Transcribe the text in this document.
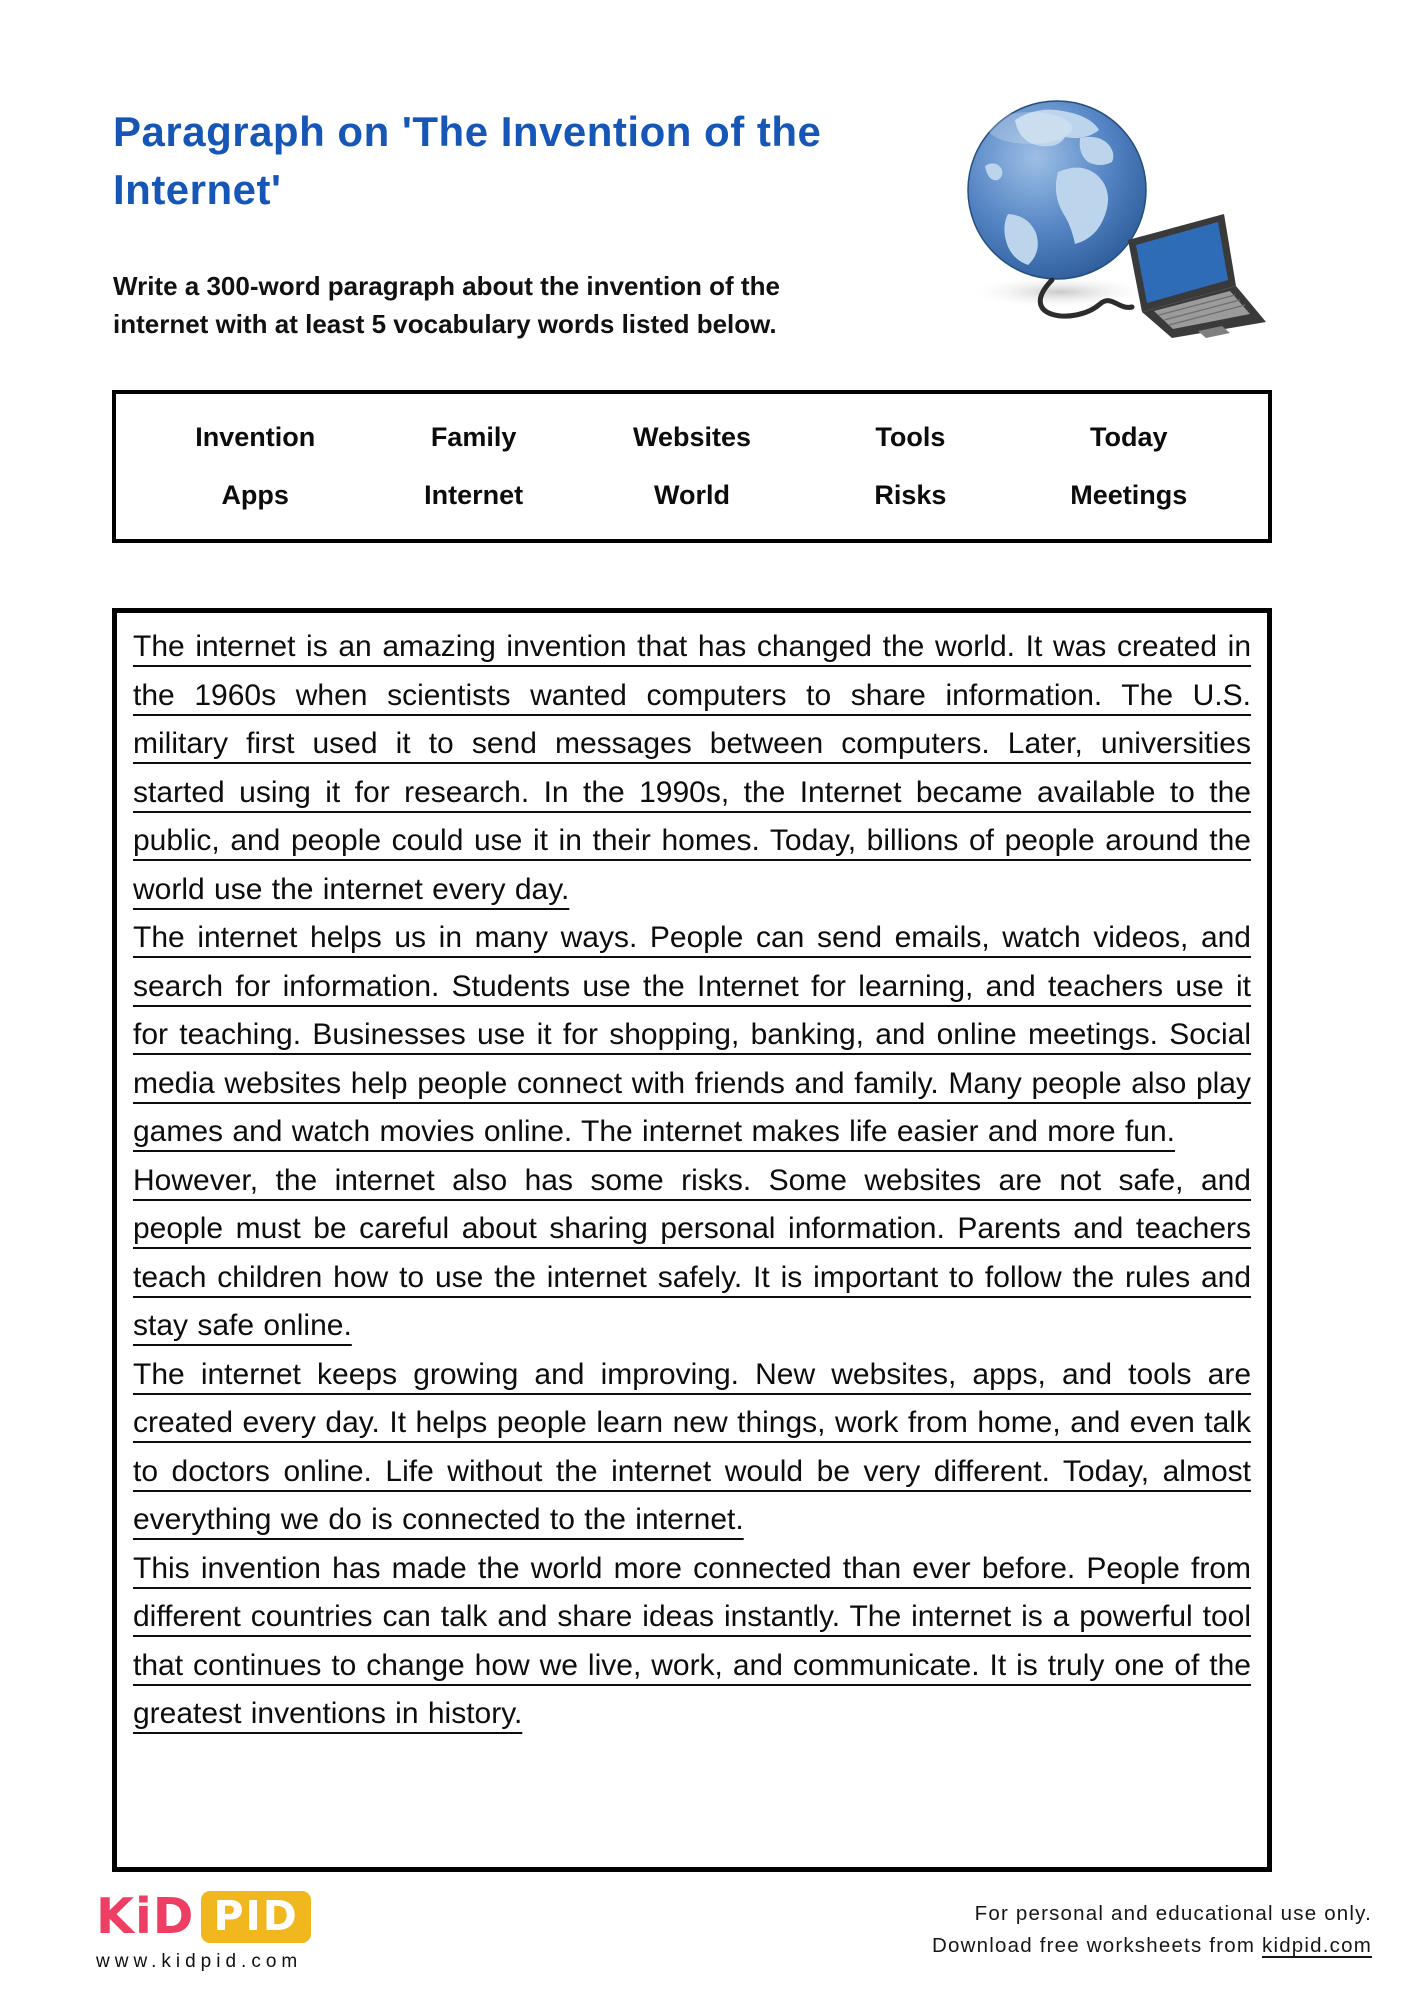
Paragraph on 'The Invention of the Internet'
Write a 300-word paragraph about the invention of the internet with at least 5 vocabulary words listed below.
Invention	Family	Websites	Tools	Today
Apps	Internet	World	Risks	Meetings

The internet is an amazing invention that has changed the world. It was created in the 1960s when scientists wanted computers to share information. The U.S. military first used it to send messages between computers. Later, universities started using it for research. In the 1990s, the Internet became available to the public, and people could use it in their homes. Today, billions of people around the world use the internet every day.

The internet helps us in many ways. People can send emails, watch videos, and search for information. Students use the Internet for learning, and teachers use it for teaching. Businesses use it for shopping, banking, and online meetings. Social media websites help people connect with friends and family. Many people also play games and watch movies online. The internet makes life easier and more fun.

However, the internet also has some risks. Some websites are not safe, and people must be careful about sharing personal information. Parents and teachers teach children how to use the internet safely. It is important to follow the rules and stay safe online.

The internet keeps growing and improving. New websites, apps, and tools are created every day. It helps people learn new things, work from home, and even talk to doctors online. Life without the internet would be very different. Today, almost everything we do is connected to the internet.

This invention has made the world more connected than ever before. People from different countries can talk and share ideas instantly. The internet is a powerful tool that continues to change how we live, work, and communicate. It is truly one of the greatest inventions in history.

KiD PID
www.kidpid.com
For personal and educational use only.
Download free worksheets from kidpid.com
